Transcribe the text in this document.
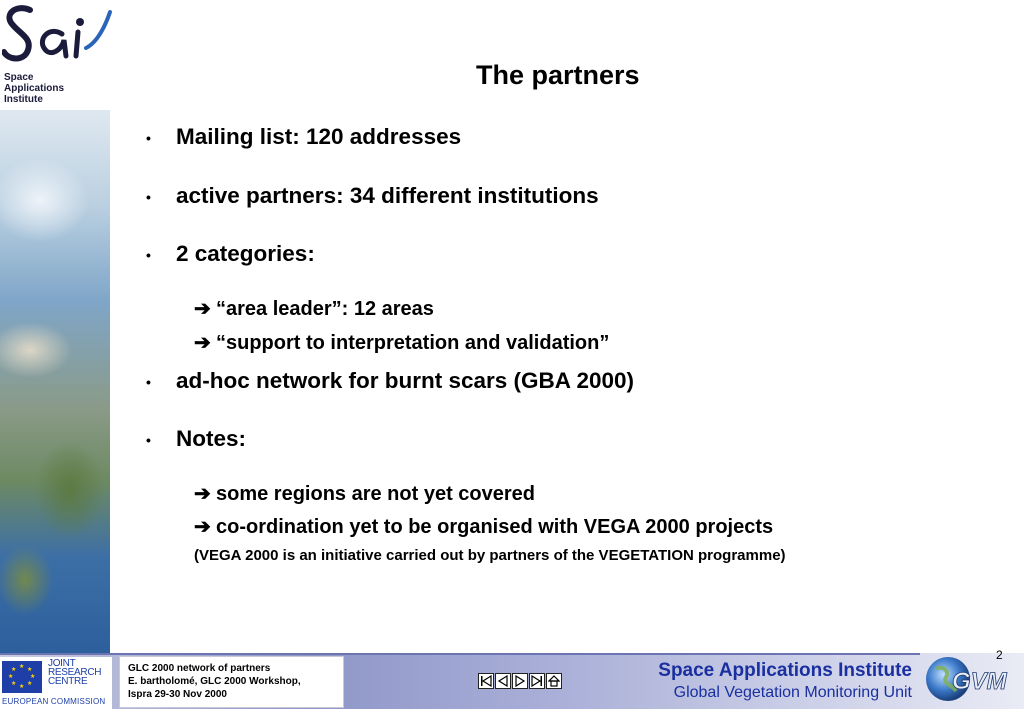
Space
Applications
Institute
The partners
• Mailing list: 120 addresses
• active partners: 34 different institutions
• 2 categories:
➔ “area leader”: 12 areas
➔ “support to interpretation and validation”
• ad-hoc network for burnt scars (GBA 2000)
• Notes:
➔ some regions are not yet covered
➔ co-ordination yet to be organised with VEGA 2000 projects
(VEGA 2000 is an initiative carried out by partners of the VEGETATION programme)
★ ★
★
★
★
★
★
★
JOINT
RESEARCH
CENTRE
EUROPEAN COMMISSION
GLC 2000 network of partners
E. bartholomé, GLC 2000 Workshop,
Ispra 29-30 Nov 2000
Space Applications Institute
Global Vegetation Monitoring Unit
2
GVM
